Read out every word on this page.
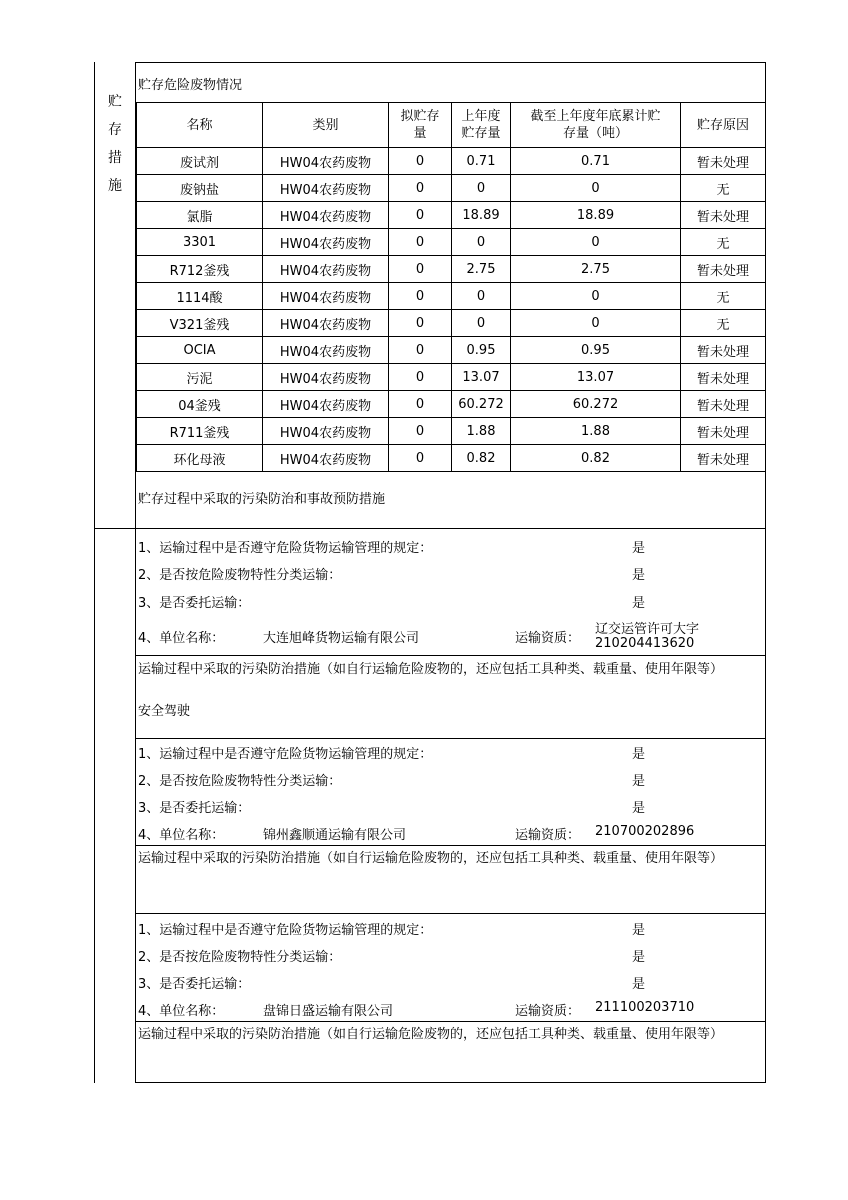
贮
存
措
施
贮存危险废物情况
名称	类别	拟贮存
量	上年度
贮存量	截至上年度年底累计贮
存量（吨）	贮存原因
废试剂	HW04农药废物	0	0.71	0.71	暂未处理
废钠盐	HW04农药废物	0	0	0	无
氯脂	HW04农药废物	0	18.89	18.89	暂未处理
3301	HW04农药废物	0	0	0	无
R712釜残	HW04农药废物	0	2.75	2.75	暂未处理
1114酸	HW04农药废物	0	0	0	无
V321釜残	HW04农药废物	0	0	0	无
OCIA	HW04农药废物	0	0.95	0.95	暂未处理
污泥	HW04农药废物	0	13.07	13.07	暂未处理
04釜残	HW04农药废物	0	60.272	60.272	暂未处理
R711釜残	HW04农药废物	0	1.88	1.88	暂未处理
环化母液	HW04农药废物	0	0.82	0.82	暂未处理
贮存过程中采取的污染防治和事故预防措施
1、运输过程中是否遵守危险货物运输管理的规定：	是
2、是否按危险废物特性分类运输：	是
3、是否委托运输：	是
4、单位名称：	大连旭峰货物运输有限公司	运输资质：
辽交运管许可大字
210204413620
运输过程中采取的污染防治措施（如自行运输危险废物的，还应包括工具种类、载重量、使用年限等）
安全驾驶
1、运输过程中是否遵守危险货物运输管理的规定：	是
2、是否按危险废物特性分类运输：	是
3、是否委托运输：	是
4、单位名称：	锦州鑫顺通运输有限公司	运输资质： 210700202896
运输过程中采取的污染防治措施（如自行运输危险废物的，还应包括工具种类、载重量、使用年限等）
1、运输过程中是否遵守危险货物运输管理的规定：	是
2、是否按危险废物特性分类运输：	是
3、是否委托运输：	是
4、单位名称：	盘锦日盛运输有限公司	运输资质： 211100203710
运输过程中采取的污染防治措施（如自行运输危险废物的，还应包括工具种类、载重量、使用年限等）
